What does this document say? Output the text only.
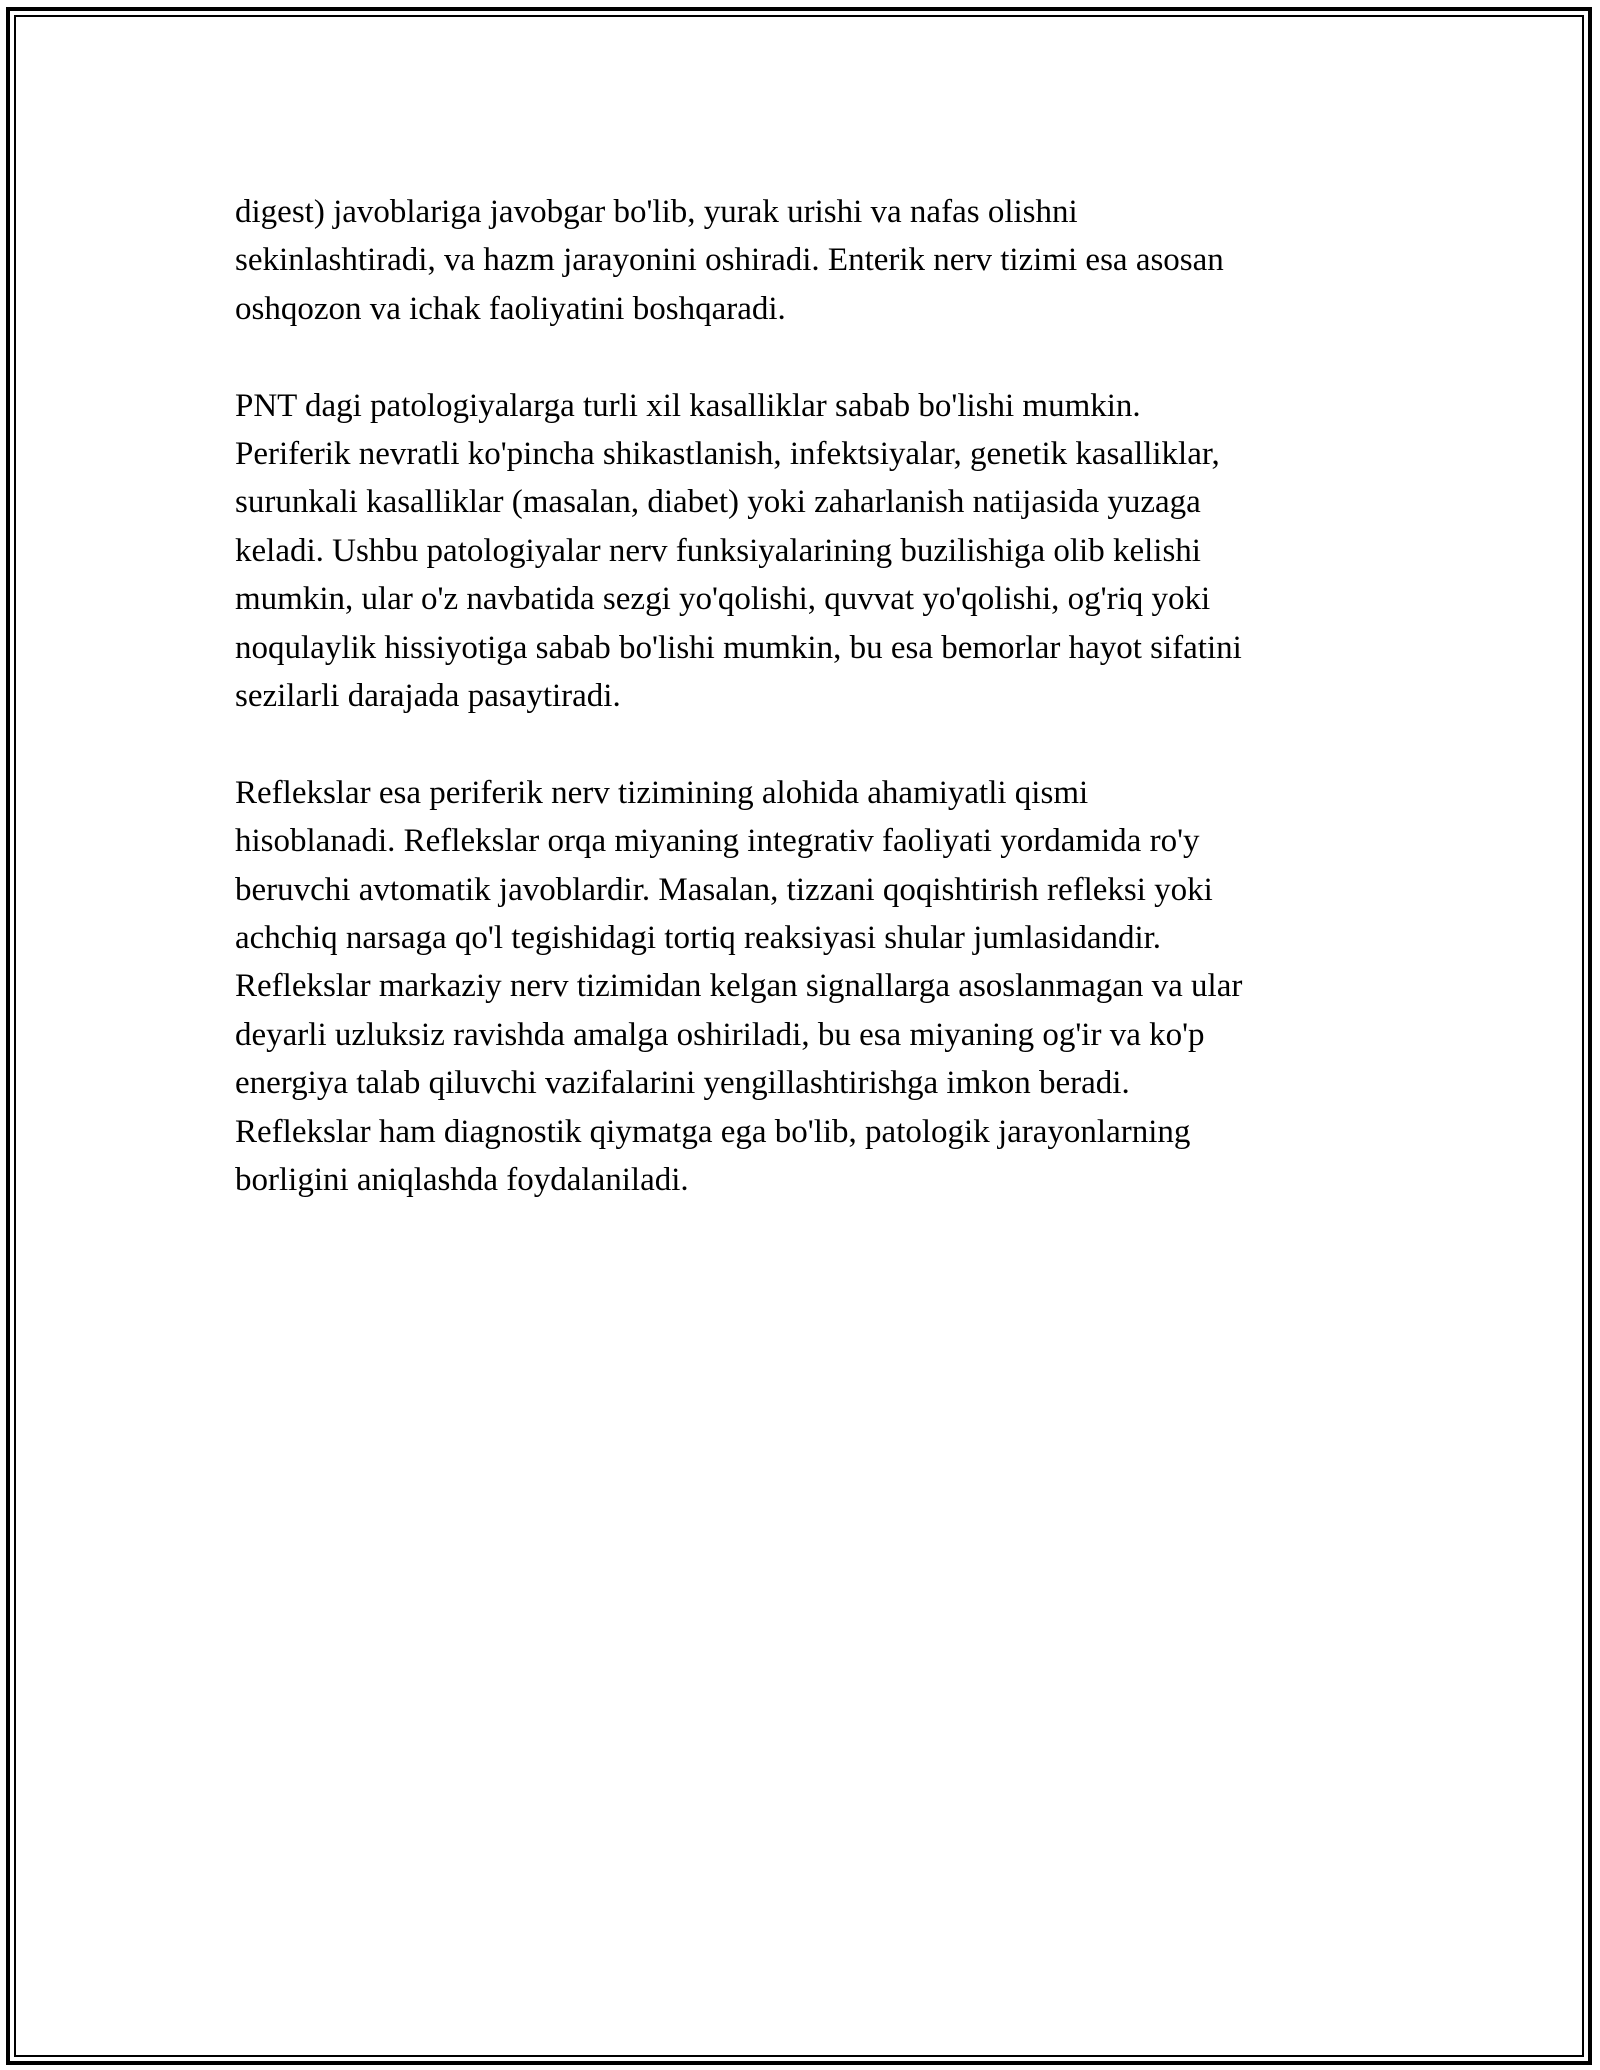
digest) javoblariga javobgar bo'lib, yurak urishi va nafas olishni
sekinlashtiradi, va hazm jarayonini oshiradi. Enterik nerv tizimi esa asosan
oshqozon va ichak faoliyatini boshqaradi.

PNT dagi patologiyalarga turli xil kasalliklar sabab bo'lishi mumkin.
Periferik nevratli ko'pincha shikastlanish, infektsiyalar, genetik kasalliklar,
surunkali kasalliklar (masalan, diabet) yoki zaharlanish natijasida yuzaga
keladi. Ushbu patologiyalar nerv funksiyalarining buzilishiga olib kelishi
mumkin, ular o'z navbatida sezgi yo'qolishi, quvvat yo'qolishi, og'riq yoki
noqulaylik hissiyotiga sabab bo'lishi mumkin, bu esa bemorlar hayot sifatini
sezilarli darajada pasaytiradi.

Reflekslar esa periferik nerv tizimining alohida ahamiyatli qismi
hisoblanadi. Reflekslar orqa miyaning integrativ faoliyati yordamida ro'y
beruvchi avtomatik javoblardir. Masalan, tizzani qoqishtirish refleksi yoki
achchiq narsaga qo'l tegishidagi tortiq reaksiyasi shular jumlasidandir.
Reflekslar markaziy nerv tizimidan kelgan signallarga asoslanmagan va ular
deyarli uzluksiz ravishda amalga oshiriladi, bu esa miyaning og'ir va ko'p
energiya talab qiluvchi vazifalarini yengillashtirishga imkon beradi.
Reflekslar ham diagnostik qiymatga ega bo'lib, patologik jarayonlarning
borligini aniqlashda foydalaniladi.
